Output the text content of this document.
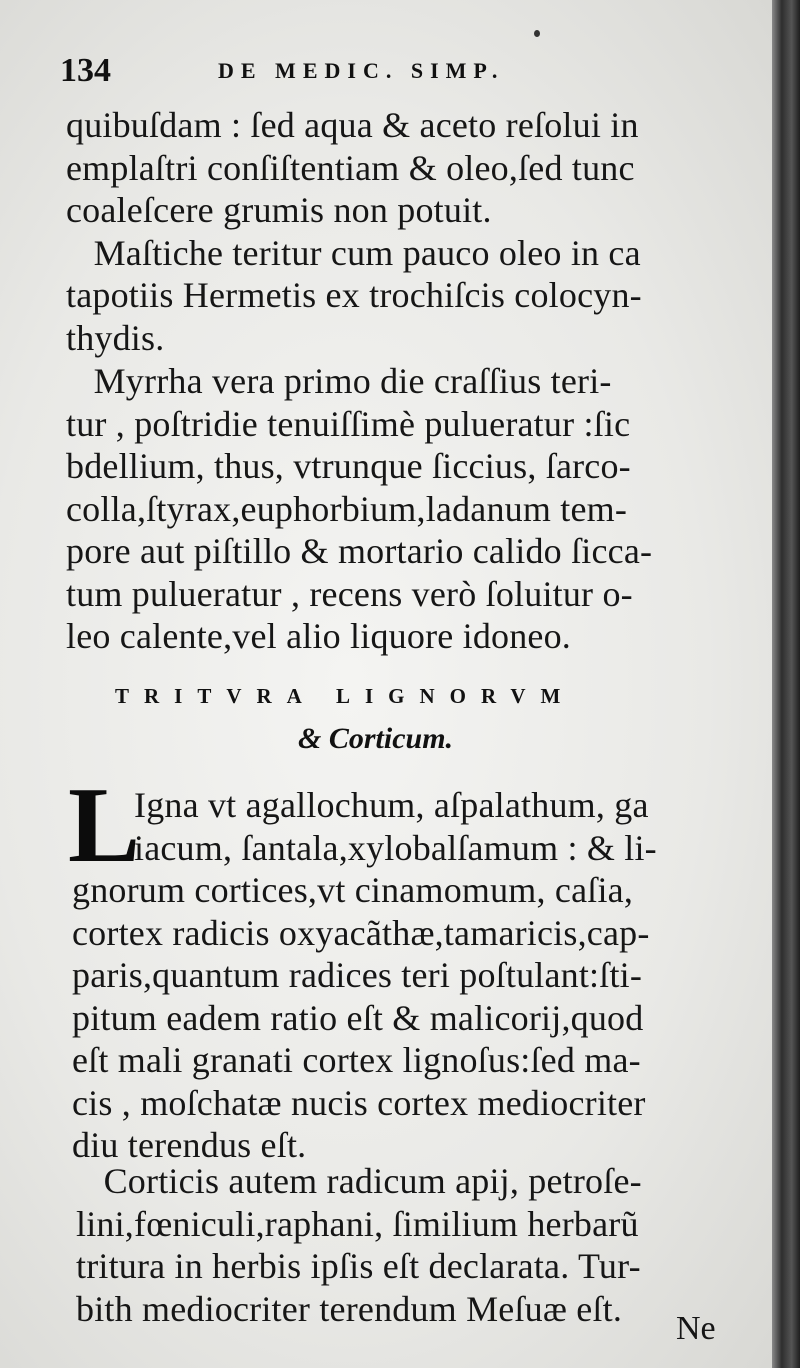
134	DE MEDIC. SIMP.
quibuſdam : ſed aqua & aceto reſolui in
emplaſtri conſiſtentiam & oleo,ſed tunc
coaleſcere grumis non potuit.
Maſtiche teritur cum pauco oleo in ca
tapotiis Hermetis ex trochiſcis colocyn-
thydis.
Myrrha vera primo die craſſius teri-
tur , poſtridie tenuiſſimè pulueratur :ſic
bdellium, thus, vtrunque ſiccius, ſarco-
colla,ſtyrax,euphorbium,ladanum tem-
pore aut piſtillo & mortario calido ſicca-
tum pulueratur , recens verò ſoluitur o-
leo calente,vel alio liquore idoneo.
TRITVRA LIGNORVM
& Corticum.
L
Igna vt agallochum, aſpalathum, ga
iacum, ſantala,xylobalſamum : & li-
gnorum cortices,vt cinamomum, caſia,
cortex radicis oxyacãthæ,tamaricis,cap-
paris,quantum radices teri poſtulant:ſti-
pitum eadem ratio eſt & malicorij,quod
eſt mali granati cortex lignoſus:ſed ma-
cis , moſchatæ nucis cortex mediocriter
diu terendus eſt.
Corticis autem radicum apij, petroſe-
lini,fœniculi,raphani, ſimilium herbarũ
tritura in herbis ipſis eſt declarata. Tur-
bith mediocriter terendum Meſuæ eſt.	Ne
